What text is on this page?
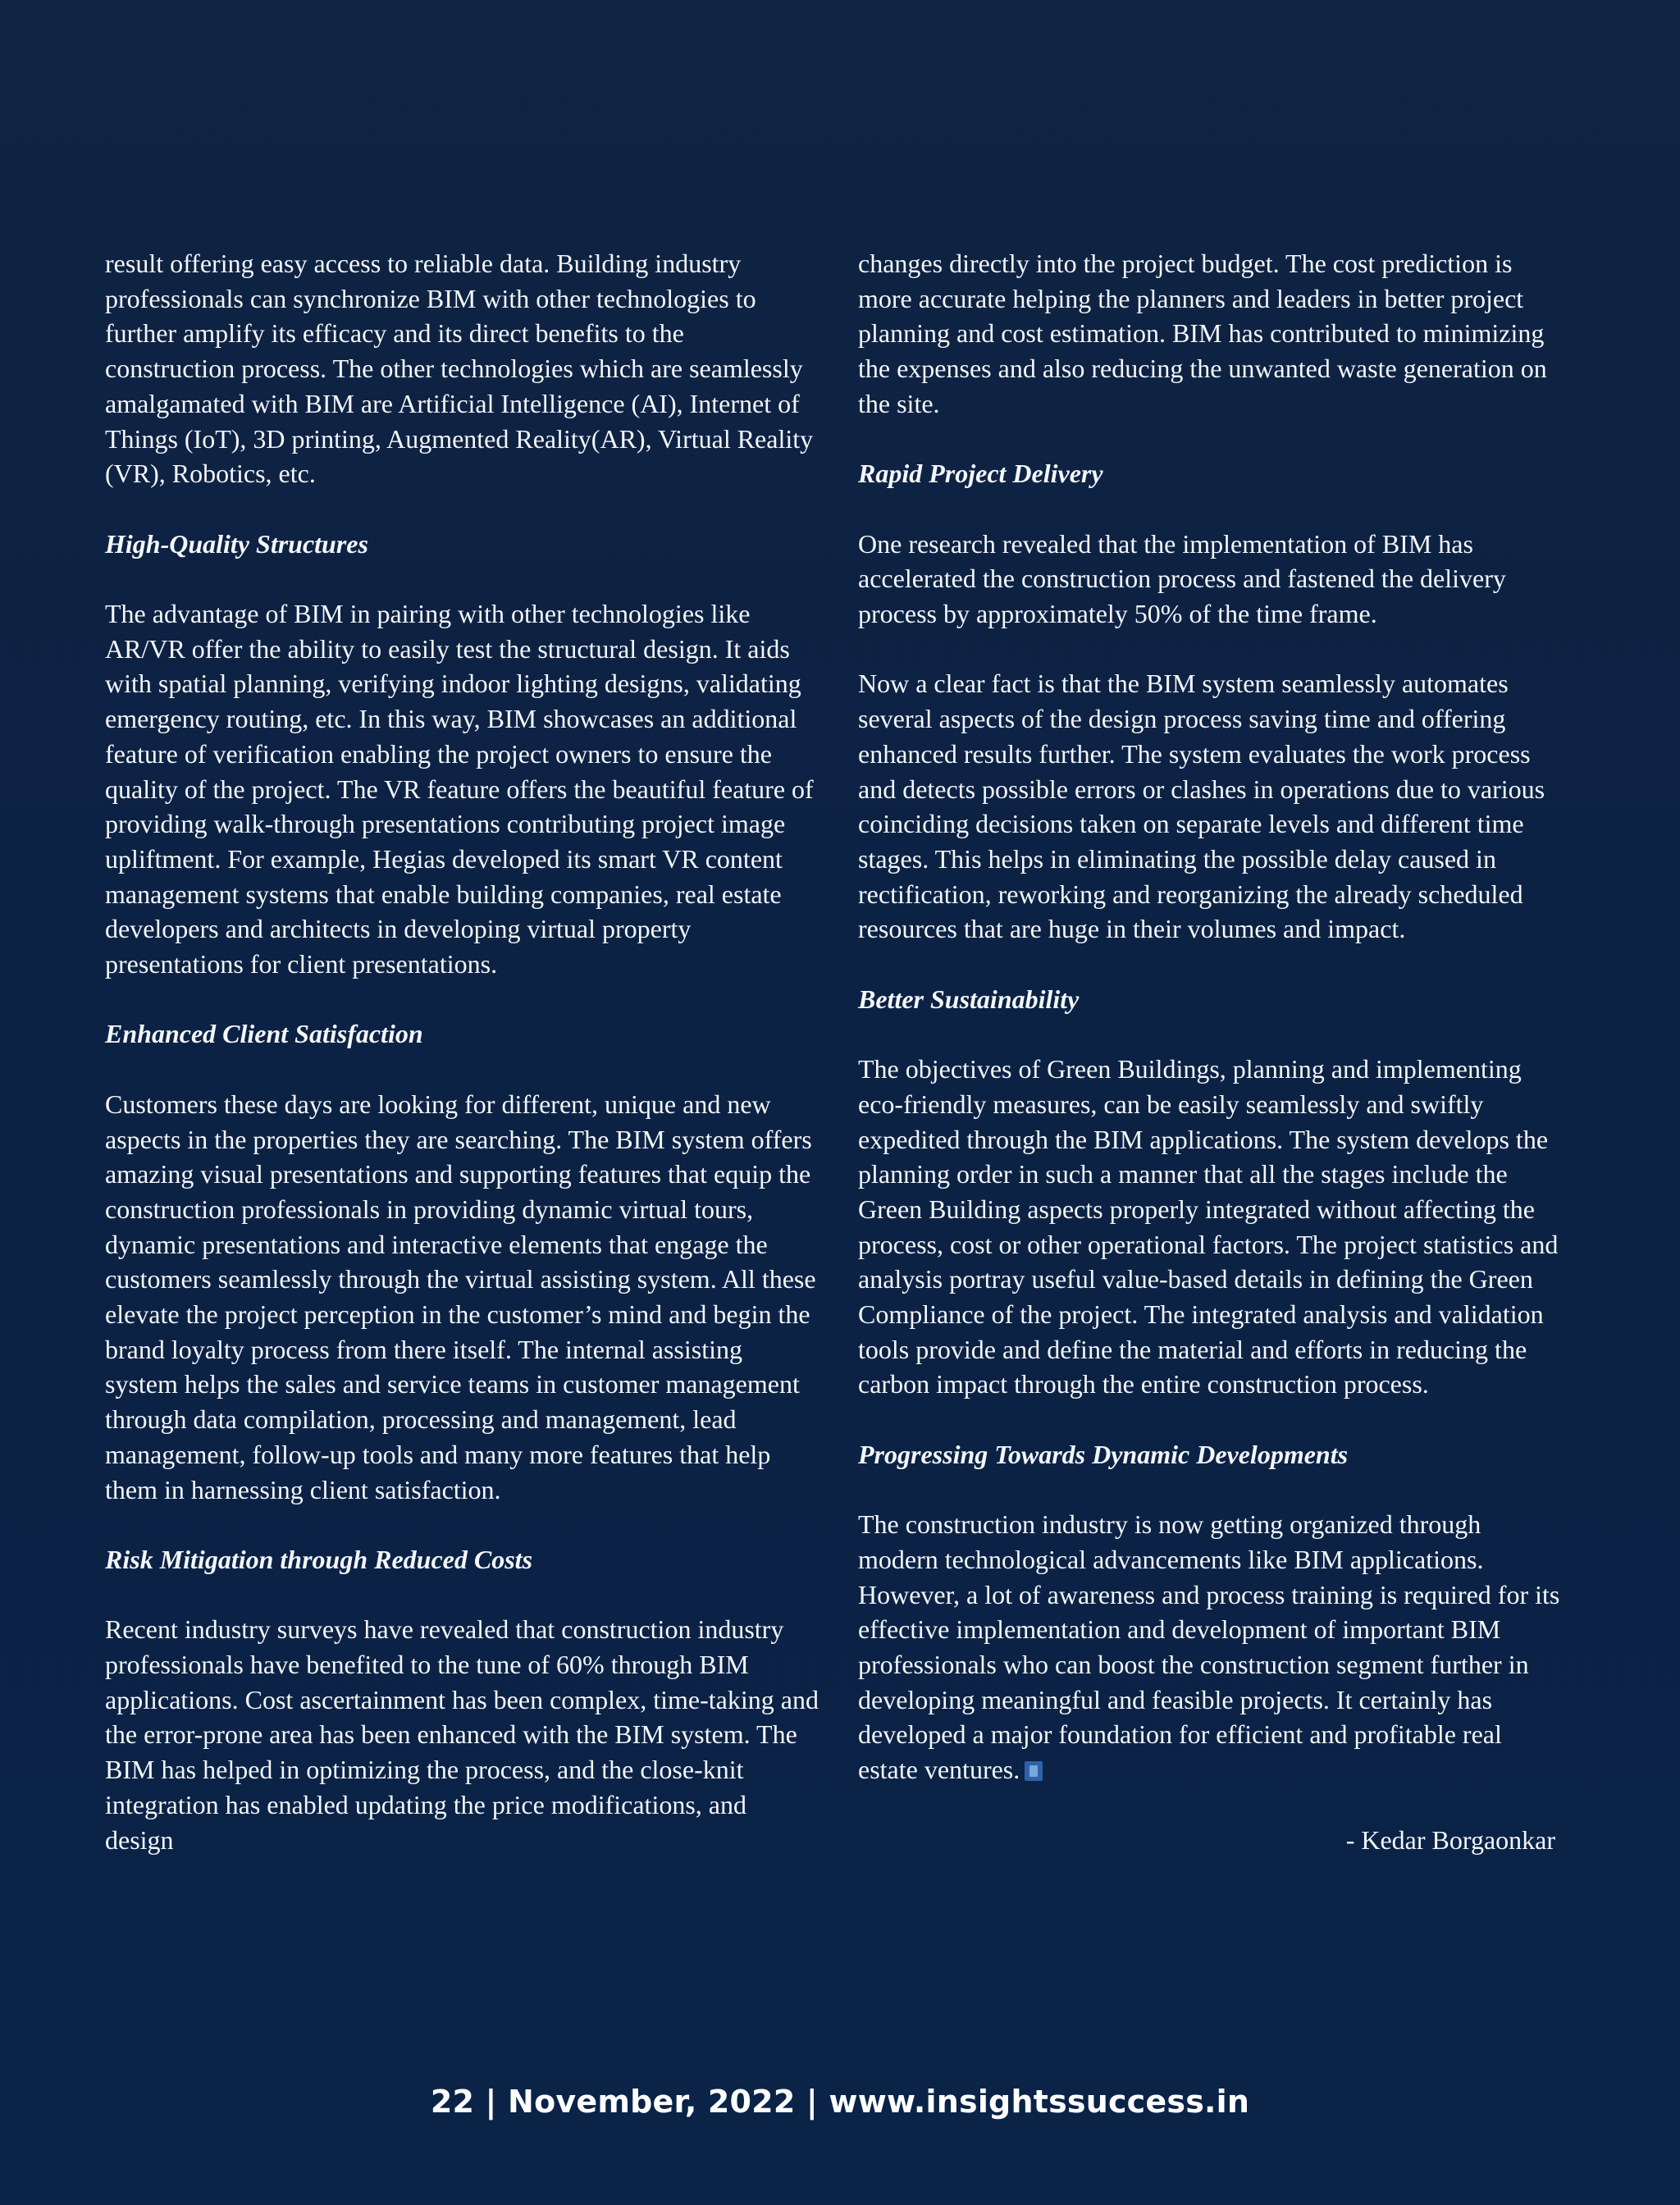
result offering easy access to reliable data. Building industry professionals can synchronize BIM with other technologies to further amplify its efficacy and its direct benefits to the construction process. The other technologies which are seamlessly amalgamated with BIM are Artificial Intelligence (AI), Internet of Things (IoT), 3D printing, Augmented Reality(AR), Virtual Reality (VR), Robotics, etc.

High-Quality Structures

The advantage of BIM in pairing with other technologies like AR/VR offer the ability to easily test the structural design. It aids with spatial planning, verifying indoor lighting designs, validating emergency routing, etc. In this way, BIM showcases an additional feature of verification enabling the project owners to ensure the quality of the project. The VR feature offers the beautiful feature of providing walk-through presentations contributing project image upliftment. For example, Hegias developed its smart VR content management systems that enable building companies, real estate developers and architects in developing virtual property presentations for client presentations.

Enhanced Client Satisfaction

Customers these days are looking for different, unique and new aspects in the properties they are searching. The BIM system offers amazing visual presentations and supporting features that equip the construction professionals in providing dynamic virtual tours, dynamic presentations and interactive elements that engage the customers seamlessly through the virtual assisting system. All these elevate the project perception in the customer’s mind and begin the brand loyalty process from there itself. The internal assisting system helps the sales and service teams in customer management through data compilation, processing and management, lead management, follow-up tools and many more features that help them in harnessing client satisfaction.

Risk Mitigation through Reduced Costs

Recent industry surveys have revealed that construction industry professionals have benefited to the tune of 60% through BIM applications. Cost ascertainment has been complex, time-taking and the error-prone area has been enhanced with the BIM system. The BIM has helped in optimizing the process, and the close-knit integration has enabled updating the price modifications, and design

changes directly into the project budget. The cost prediction is more accurate helping the planners and leaders in better project planning and cost estimation. BIM has contributed to minimizing the expenses and also reducing the unwanted waste generation on the site.

Rapid Project Delivery

One research revealed that the implementation of BIM has accelerated the construction process and fastened the delivery process by approximately 50% of the time frame.

Now a clear fact is that the BIM system seamlessly automates several aspects of the design process saving time and offering enhanced results further. The system evaluates the work process and detects possible errors or clashes in operations due to various coinciding decisions taken on separate levels and different time stages. This helps in eliminating the possible delay caused in rectification, reworking and reorganizing the already scheduled resources that are huge in their volumes and impact.

Better Sustainability

The objectives of Green Buildings, planning and implementing eco-friendly measures, can be easily seamlessly and swiftly expedited through the BIM applications. The system develops the planning order in such a manner that all the stages include the Green Building aspects properly integrated without affecting the process, cost or other operational factors. The project statistics and analysis portray useful value-based details in defining the Green Compliance of the project. The integrated analysis and validation tools provide and define the material and efforts in reducing the carbon impact through the entire construction process.

Progressing Towards Dynamic Developments

The construction industry is now getting organized through modern technological advancements like BIM applications. However, a lot of awareness and process training is required for its effective implementation and development of important BIM professionals who can boost the construction segment further in developing meaningful and feasible projects. It certainly has developed a major foundation for efficient and profitable real estate ventures.

- Kedar Borgaonkar

22 | November, 2022 | www.insightssuccess.in
